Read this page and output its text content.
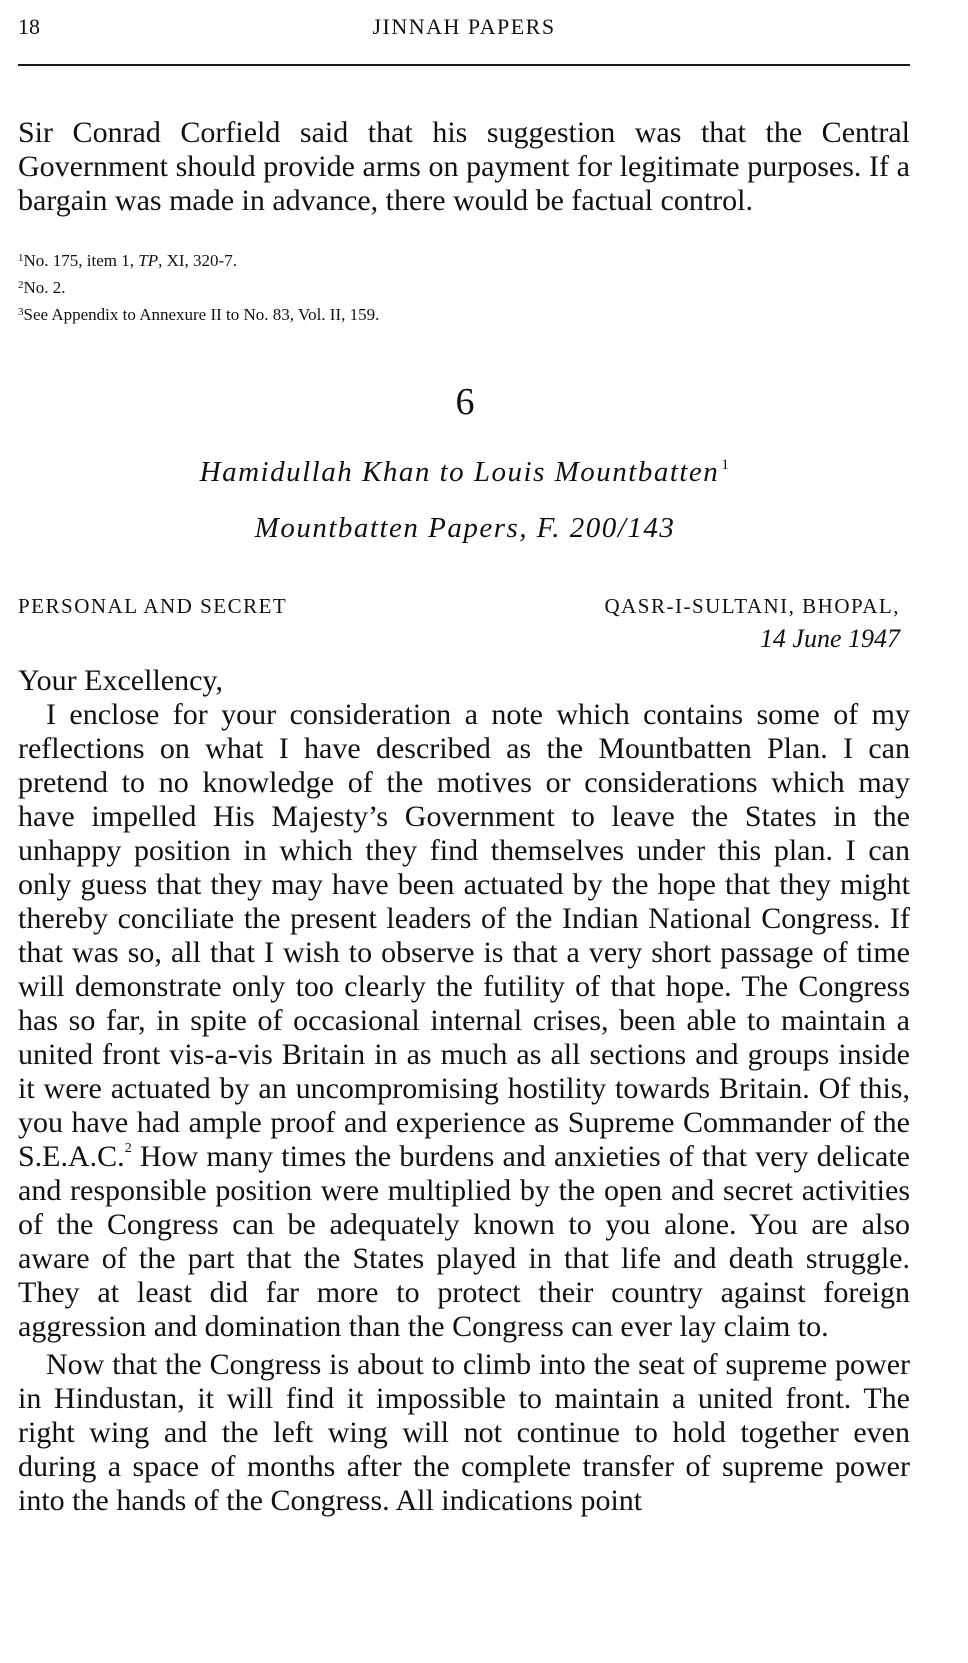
18	JINNAH PAPERS

Sir Conrad Corfield said that his suggestion was that the Central Government should provide arms on payment for legitimate purposes. If a bargain was made in advance, there would be factual control.

$^1$No. 175, item 1, TP, XI, 320-7.

$^2$No. 2.

$^3$See Appendix to Annexure II to No. 83, Vol. II, 159.

6
Hamidullah Khan to Louis Mountbatten $^1$
Mountbatten Papers, F. 200/143
PERSONAL AND SECRET	QASR-I-SULTANI, BHOPAL,
14 June 1947
Your Excellency,

I enclose for your consideration a note which contains some of my reflections on what I have described as the Mountbatten Plan. I can pretend to no knowledge of the motives or considerations which may have impelled His Majesty’s Government to leave the States in the unhappy position in which they find themselves under this plan. I can only guess that they may have been actuated by the hope that they might thereby conciliate the present leaders of the Indian National Congress. If that was so, all that I wish to observe is that a very short passage of time will demonstrate only too clearly the futility of that hope. The Congress has so far, in spite of occasional internal crises, been able to maintain a united front vis-a-vis Britain in as much as all sections and groups inside it were actuated by an uncompromising hostility towards Britain. Of this, you have had ample proof and experience as Supreme Commander of the S.E.A.C.$^2$ How many times the burdens and anxieties of that very delicate and responsible position were multiplied by the open and secret activities of the Congress can be adequately known to you alone. You are also aware of the part that the States played in that life and death struggle. They at least did far more to protect their country against foreign aggression and domination than the Congress can ever lay claim to.

Now that the Congress is about to climb into the seat of supreme power in Hindustan, it will find it impossible to maintain a united front. The right wing and the left wing will not continue to hold together even during a space of months after the complete transfer of supreme power into the hands of the Congress. All indications point
